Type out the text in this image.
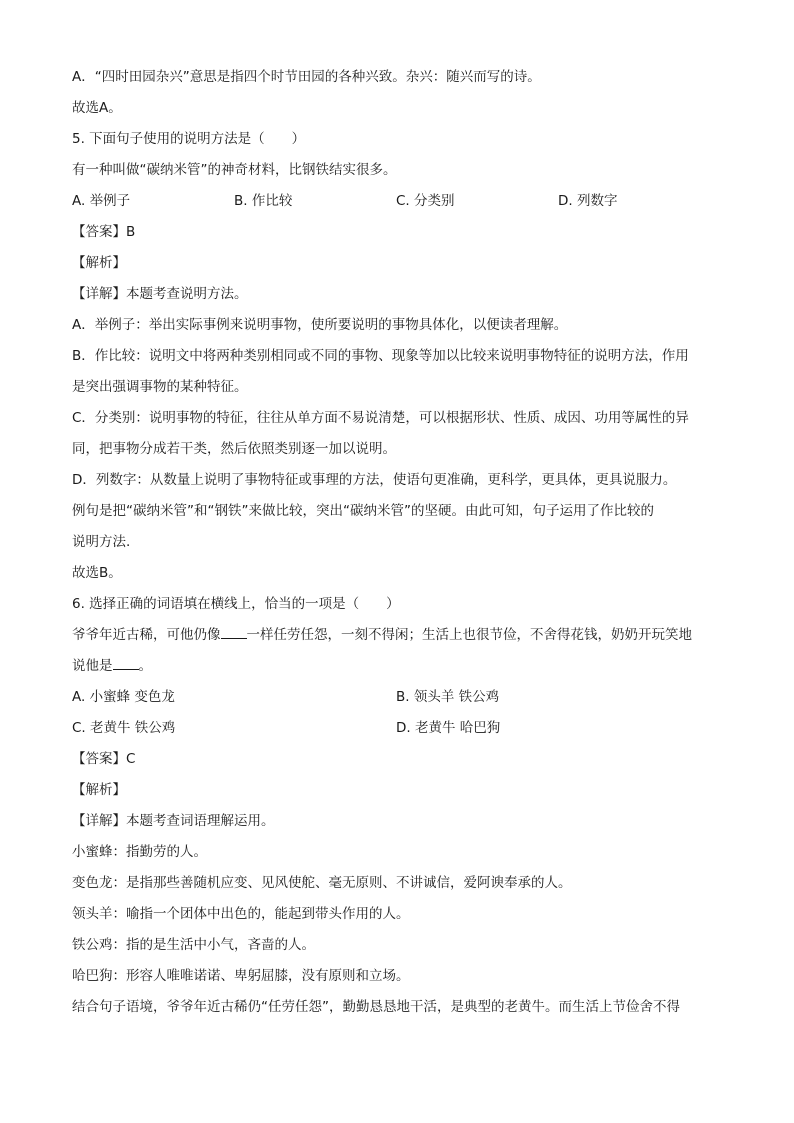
A．“四时田园杂兴”意思是指四个时节田园的各种兴致。杂兴：随兴而写的诗。
故选A。
5. 下面句子使用的说明方法是（　　）
有一种叫做“碳纳米管”的神奇材料，比钢铁结实很多。
A. 举例子	B. 作比较	C. 分类别	D. 列数字
【答案】B
【解析】
【详解】本题考查说明方法。
A．举例子：举出实际事例来说明事物，使所要说明的事物具体化，以便读者理解。
B．作比较：说明文中将两种类别相同或不同的事物、现象等加以比较来说明事物特征的说明方法，作用
是突出强调事物的某种特征。
C．分类别：说明事物的特征，往往从单方面不易说清楚，可以根据形状、性质、成因、功用等属性的异
同，把事物分成若干类，然后依照类别逐一加以说明。
D．列数字：从数量上说明了事物特征或事理的方法，使语句更准确，更科学，更具体，更具说服力。
例句是把“碳纳米管”和“钢铁”来做比较，突出“碳纳米管”的坚硬。由此可知，句子运用了作比较的
说明方法.
故选B。
6. 选择正确的词语填在横线上，恰当的一项是（　　）
爷爷年近古稀，可他仍像 一样任劳任怨，一刻不得闲；生活上也很节俭，不舍得花钱，奶奶开玩笑地
说他是 。
A. 小蜜蜂 变色龙	B. 领头羊 铁公鸡
C. 老黄牛 铁公鸡	D. 老黄牛 哈巴狗
【答案】C
【解析】
【详解】本题考查词语理解运用。
小蜜蜂：指勤劳的人。
变色龙：是指那些善随机应变、见风使舵、毫无原则、不讲诚信，爱阿谀奉承的人。
领头羊：喻指一个团体中出色的，能起到带头作用的人。
铁公鸡：指的是生活中小气，吝啬的人。
哈巴狗：形容人唯唯诺诺、卑躬屈膝，没有原则和立场。
结合句子语境，爷爷年近古稀仍“任劳任怨”，勤勤恳恳地干活，是典型的老黄牛。而生活上节俭舍不得
